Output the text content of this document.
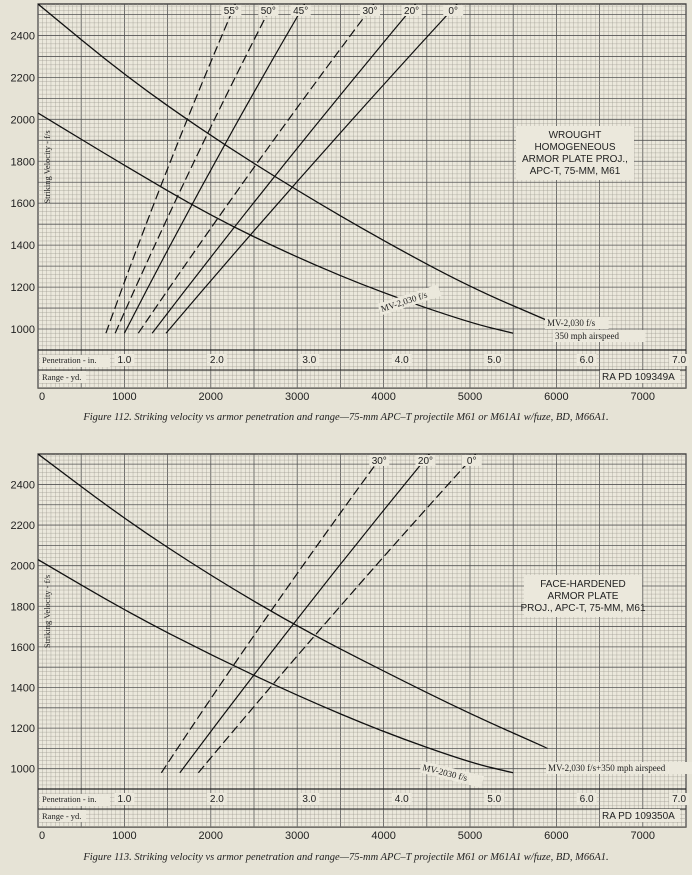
2400
2200
2000
1800
1600
1400
1200
1000
Striking Velocity - f/s
0	1000	2000	3000	4000	5000	6000	7000
Penetration - in.
Range - yd.
1.0	2.0	3.0	4.0	5.0	6.0	7.0
RA PD 109349A
55° 50° 45°	30°	20°	0°
MV-2,030 f/s
MV-2,030 f/s
350 mph airspeed
WROUGHT
HOMOGENEOUS
ARMOR PLATE PROJ.,
APC-T, 75-MM, M61
Figure 112. Striking velocity vs armor penetration and range—75-mm APC–T projectile M61 or M61A1 w/fuze, BD, M66A1.
2400
2200
2000
1800
1600
1400
1200
1000
Striking Velocity - f/s
0	1000	2000	3000	4000	5000	6000	7000
Penetration - in.
Range - yd.
1.0	2.0	3.0	4.0	5.0	6.0	7.0
RA PD 109350A
30°	20°	0°
MV-2030 f/s	MV-2,030 f/s+350 mph airspeed
FACE-HARDENED
ARMOR PLATE
PROJ., APC-T, 75-MM, M61
Figure 113. Striking velocity vs armor penetration and range—75-mm APC–T projectile M61 or M61A1 w/fuze, BD, M66A1.
